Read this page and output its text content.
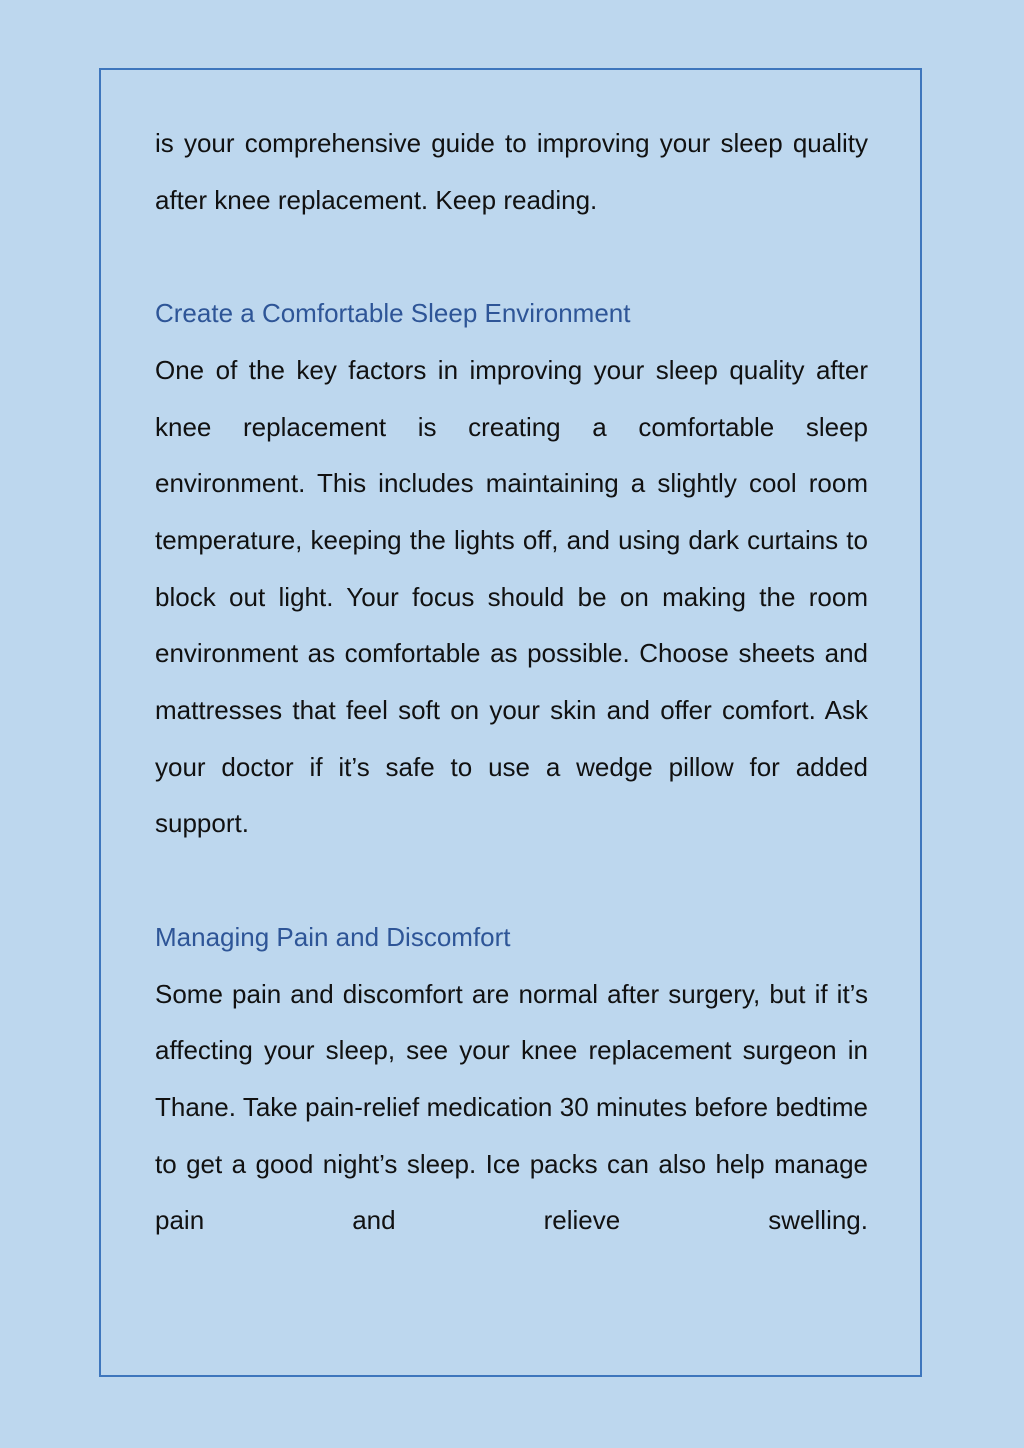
is your comprehensive guide to improving your sleep quality after knee replacement. Keep reading.

Create a Comfortable Sleep Environment

One of the key factors in improving your sleep quality after knee replacement is creating a comfortable sleep environment. This includes maintaining a slightly cool room temperature, keeping the lights off, and using dark curtains to block out light. Your focus should be on making the room environment as comfortable as possible. Choose sheets and mattresses that feel soft on your skin and offer comfort. Ask your doctor if it’s safe to use a wedge pillow for added support.

Managing Pain and Discomfort

Some pain and discomfort are normal after surgery, but if it’s affecting your sleep, see your knee replacement surgeon in Thane. Take pain-relief medication 30 minutes before bedtime to get a good night’s sleep. Ice packs can also help manage pain and relieve swelling.
